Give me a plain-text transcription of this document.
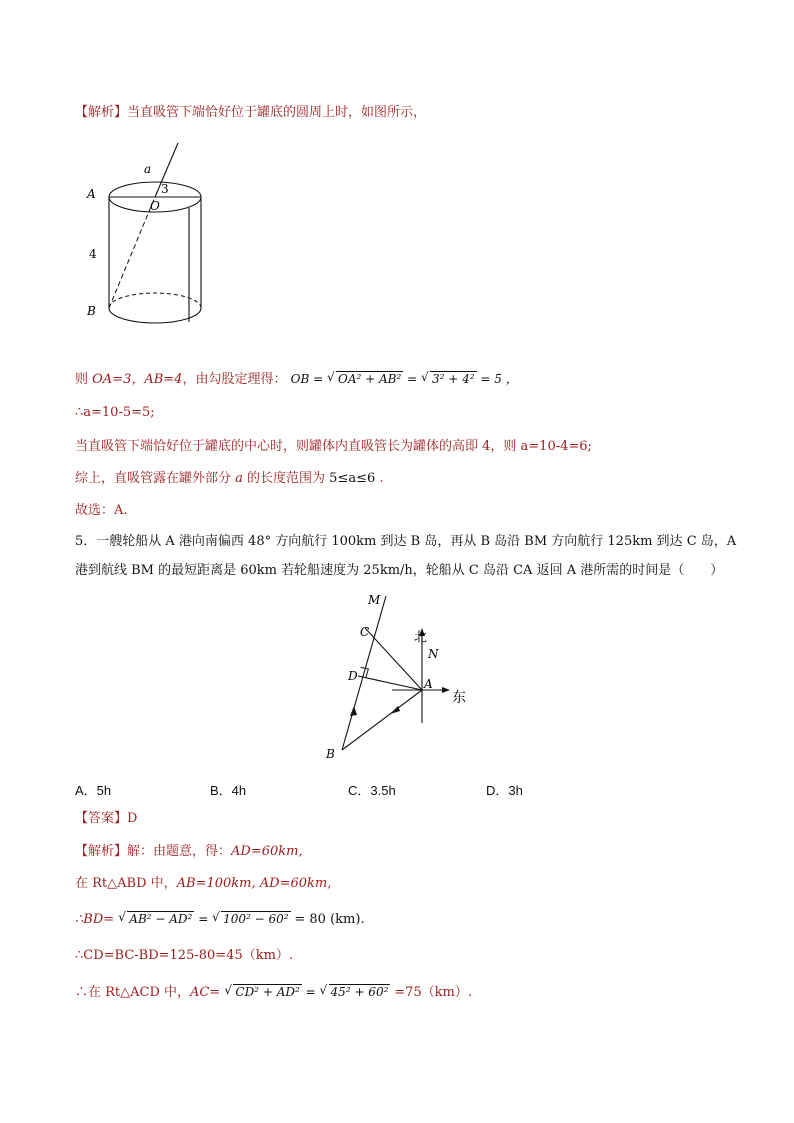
【解析】当直吸管下端恰好位于罐底的圆周上时，如图所示，
a
3
O
A
4
B
则 OA=3，AB=4，由勾股定理得： OB = √ OA² + AB² = √ 3² + 4² = 5 ，
∴a=10-5=5;
当直吸管下端恰好位于罐底的中心时，则罐体内直吸管长为罐体的高即 4，则 a=10-4=6;
综上，直吸管露在罐外部分 a 的长度范围为 5≤a≤6 .
故选：A.
5．一艘轮船从 A 港向南偏西 48° 方向航行 100km 到达 B 岛，再从 B 岛沿 BM 方向航行 125km 到达 C 岛，A
港到航线 BM 的最短距离是 60km 若轮船速度为 25km/h，轮船从 C 岛沿 CA 返回 A 港所需的时间是（　　）
M
C	北
N
D
A
东
B
A．5h	B．4h	C．3.5h	D．3h
【答案】D
【解析】解：由题意，得：AD=60km,
在 Rt△ABD 中，AB=100km, AD=60km,
∴BD= √ AB² − AD² = √ 100² − 60² = 80 (km).
∴CD=BC-BD=125-80=45（km）.
∴在 Rt△ACD 中，AC= √ CD² + AD² = √ 45² + 60² =75（km）.
